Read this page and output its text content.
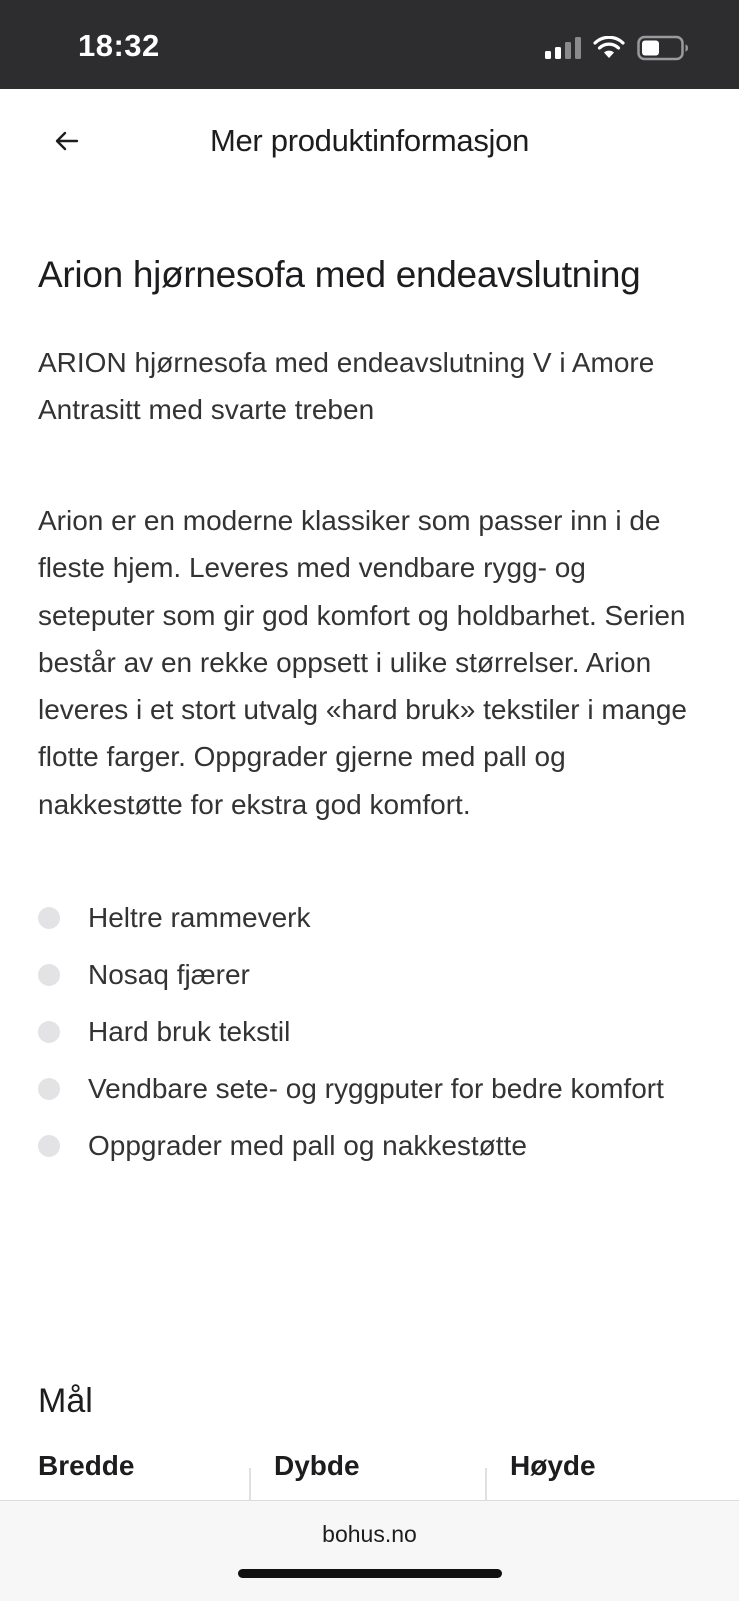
18:32
Mer produktinformasjon
Arion hjørnesofa med endeavslutning

ARION hjørnesofa med endeavslutning V i Amore Antrasitt med svarte treben

Arion er en moderne klassiker som passer inn i de fleste hjem. Leveres med vendbare rygg- og seteputer som gir god komfort og holdbarhet. Serien består av en rekke oppsett i ulike størrelser. Arion leveres i et stort utvalg «hard bruk» tekstiler i mange flotte farger. Oppgrader gjerne med pall og nakkestøtte for ekstra god komfort.

Heltre rammeverk
Nosaq fjærer
Hard bruk tekstil
Vendbare sete- og ryggputer for bedre komfort
Oppgrader med pall og nakkestøtte
Mål
Bredde	Dybde	Høyde
bohus.no
